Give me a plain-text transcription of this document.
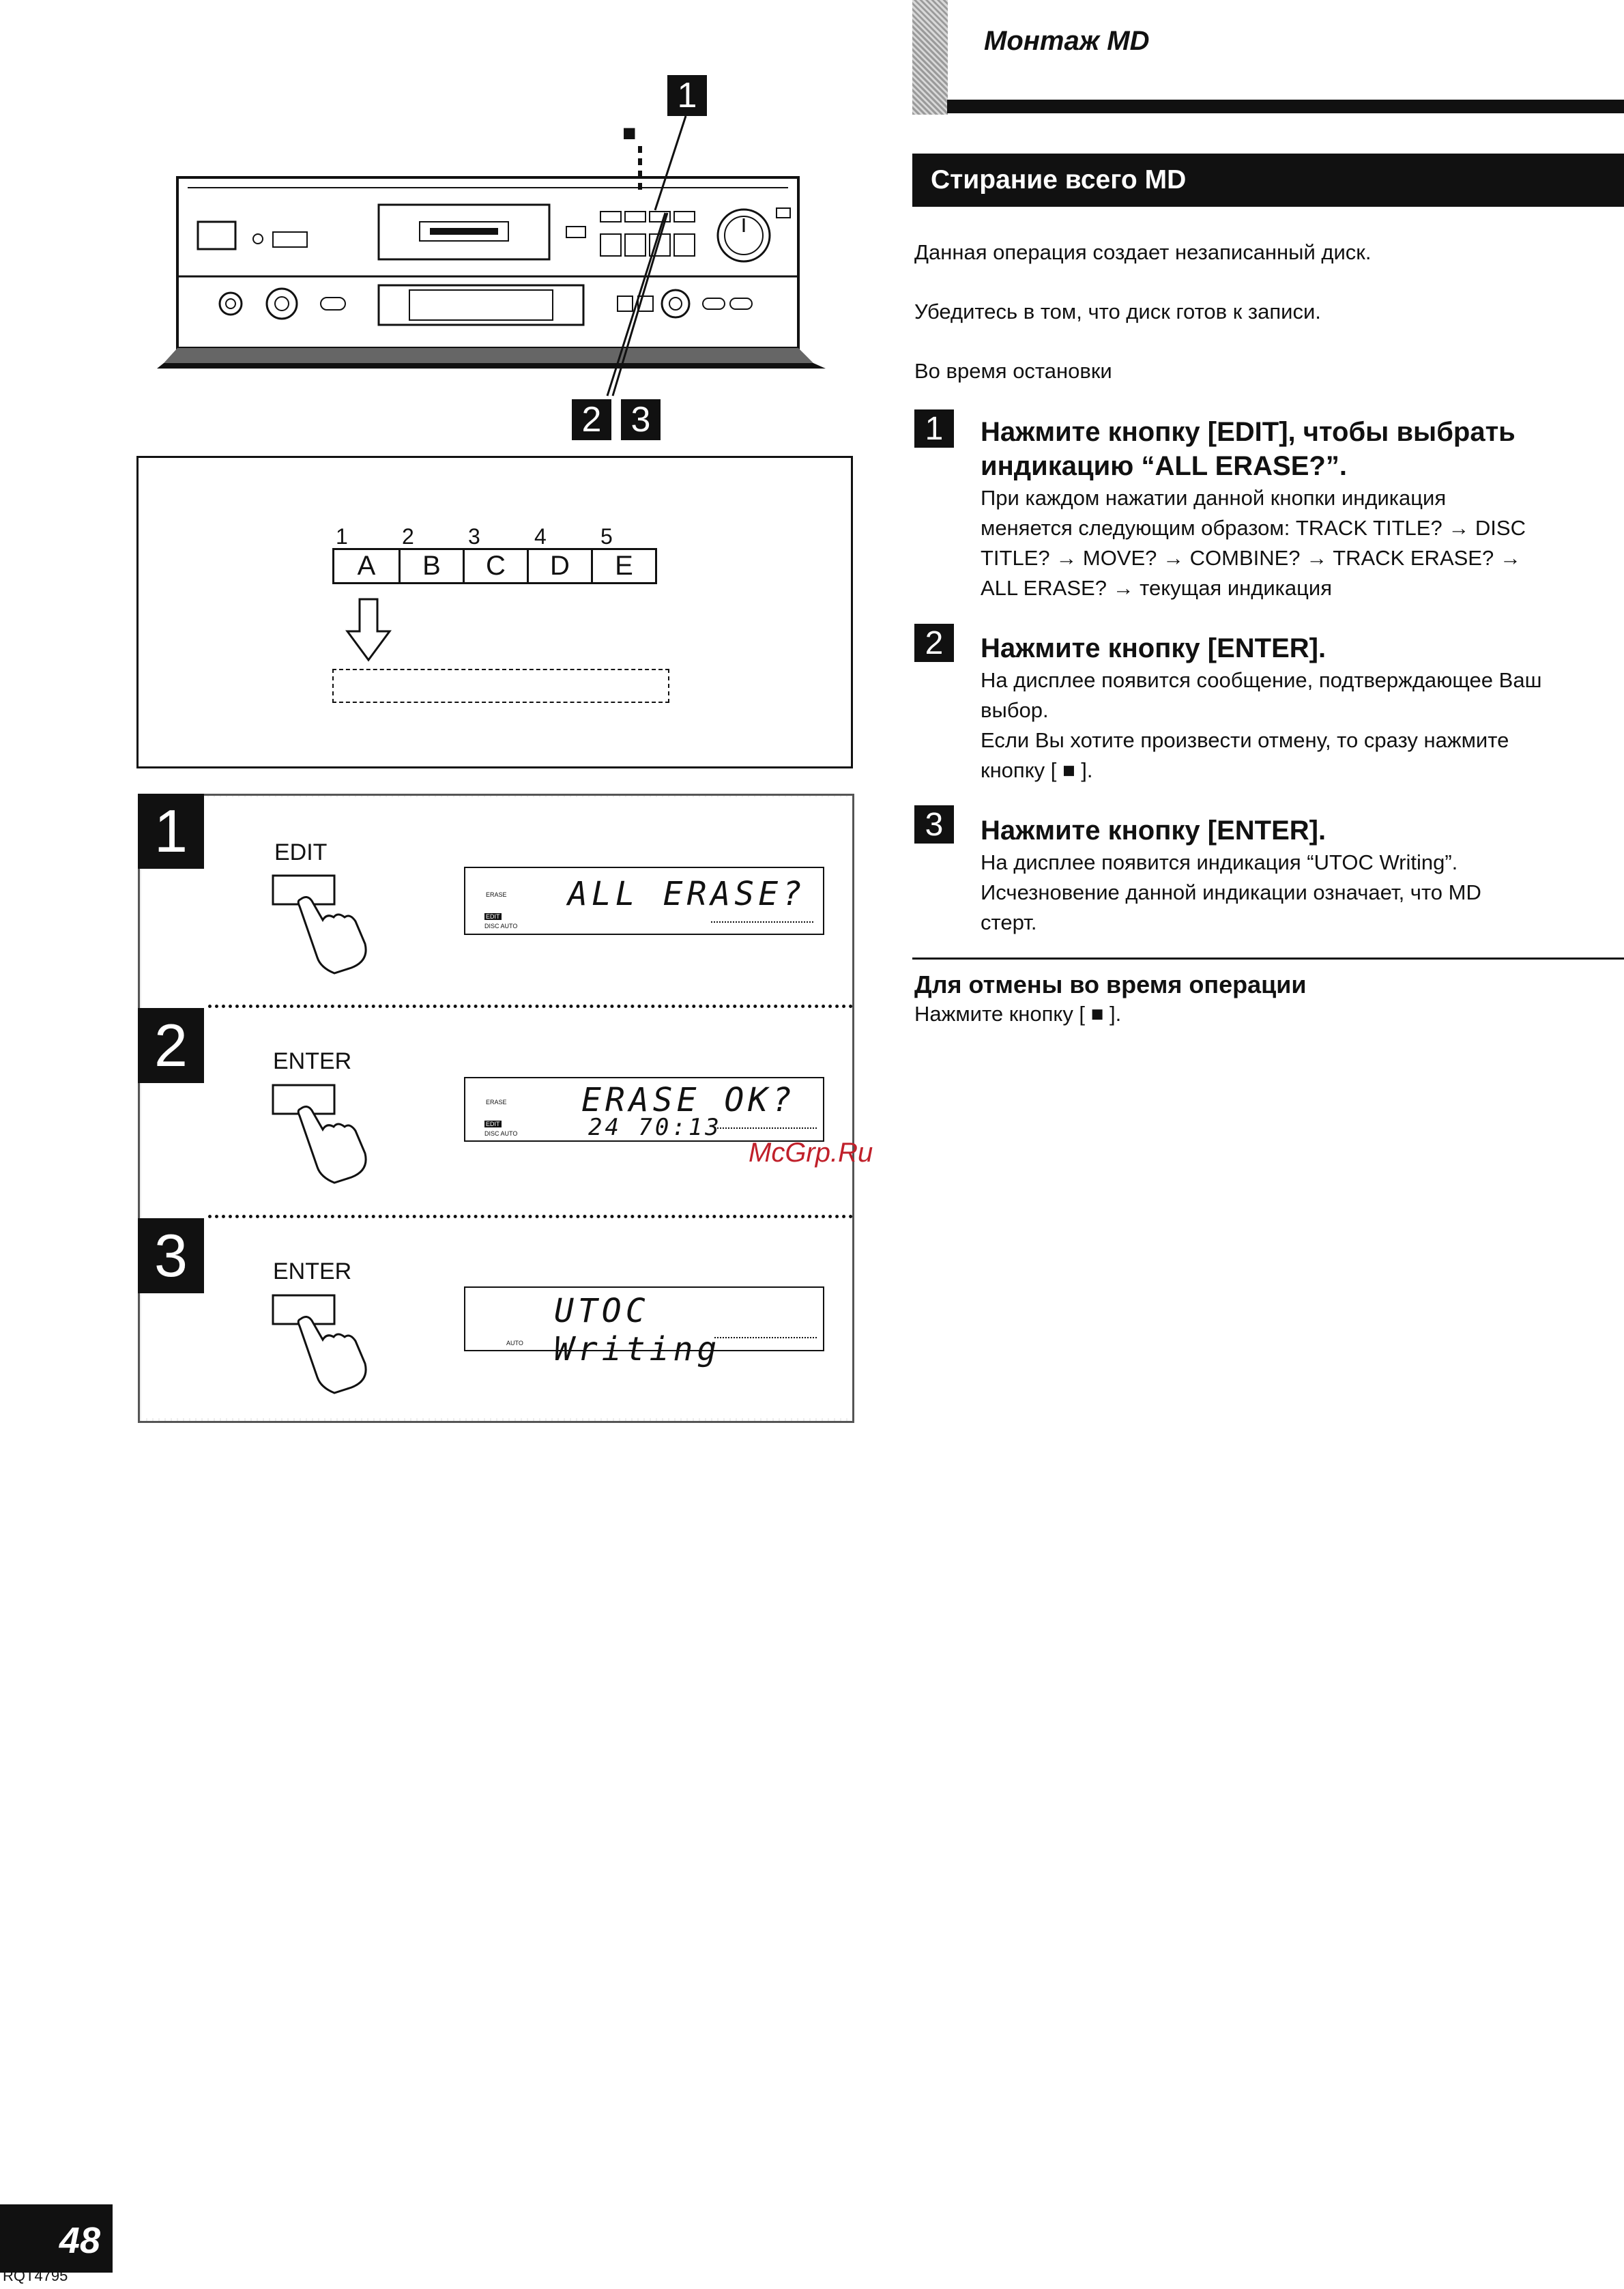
Монтаж MD
Стирание всего MD
Данная операция создает незаписанный диск.
Убедитесь в том, что диск готов к записи.
Во время остановки
1	Нажмите кнопку [EDIT], чтобы выбрать
индикацию “ALL ERASE?”.
При каждом нажатии данной кнопки индикация
меняется следующим образом: TRACK TITLE? → DISC
TITLE? → MOVE? → COMBINE? → TRACK ERASE? →
ALL ERASE? → текущая индикация
2	Нажмите кнопку [ENTER].
На дисплее появится сообщение, подтверждающее Ваш
выбор.
Если Вы хотите произвести отмену, то сразу нажмите
кнопку [ ■ ].
3	Нажмите кнопку [ENTER].
На дисплее появится индикация “UTOC Writing”.
Исчезновение данной индикации означает, что MD
стерт.
Для отмены во время операции
Нажмите кнопку [ ■ ].
1
■
2 3
1 2 3 4 5
A	B	C	D	E
1	EDIT
ERASE
EDIT
DISC AUTO
ALL ERASE?
2	ENTER
ERASE
EDIT
DISC AUTO
ERASE OK?
24 70:13
3	ENTER
AUTO
UTOC Writing
McGrp.Ru
48
RQT4795
